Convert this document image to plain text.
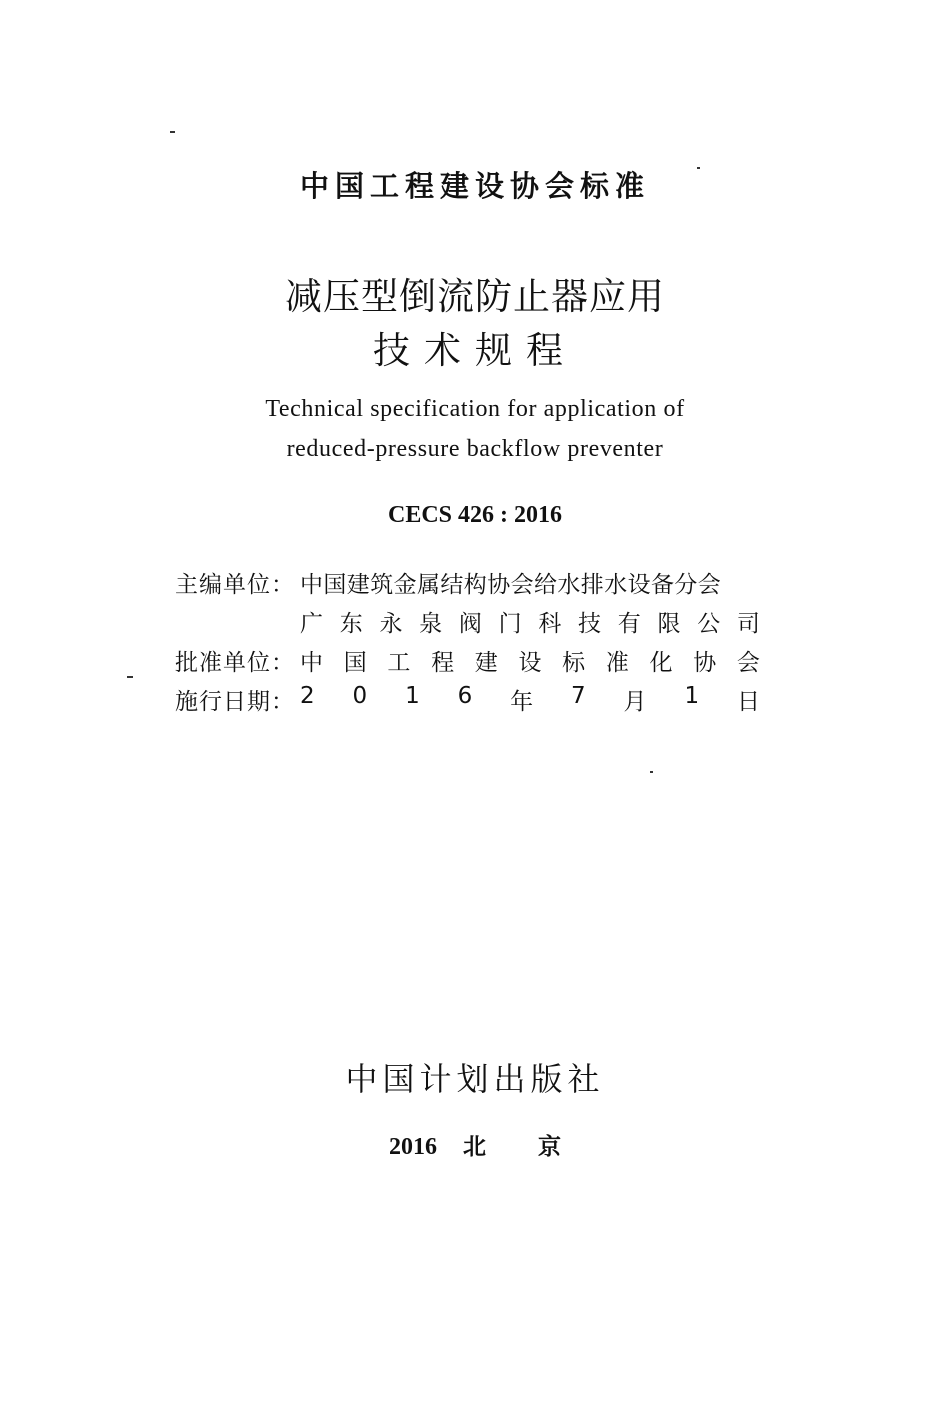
中国工程建设协会标准
减压型倒流防止器应用
技术规程
Technical specification for application of
reduced-pressure backflow preventer
CECS 426 : 2016
主编单位： 中国建筑金属结构协会给水排水设备分会
广 东 永 泉 阀 门 科 技 有 限 公 司
批准单位： 中 国 工 程 建 设 标 准 化 协 会
施行日期： 2 0 1 6 年 7 月 1 日
中国计划出版社
2016 北 京
